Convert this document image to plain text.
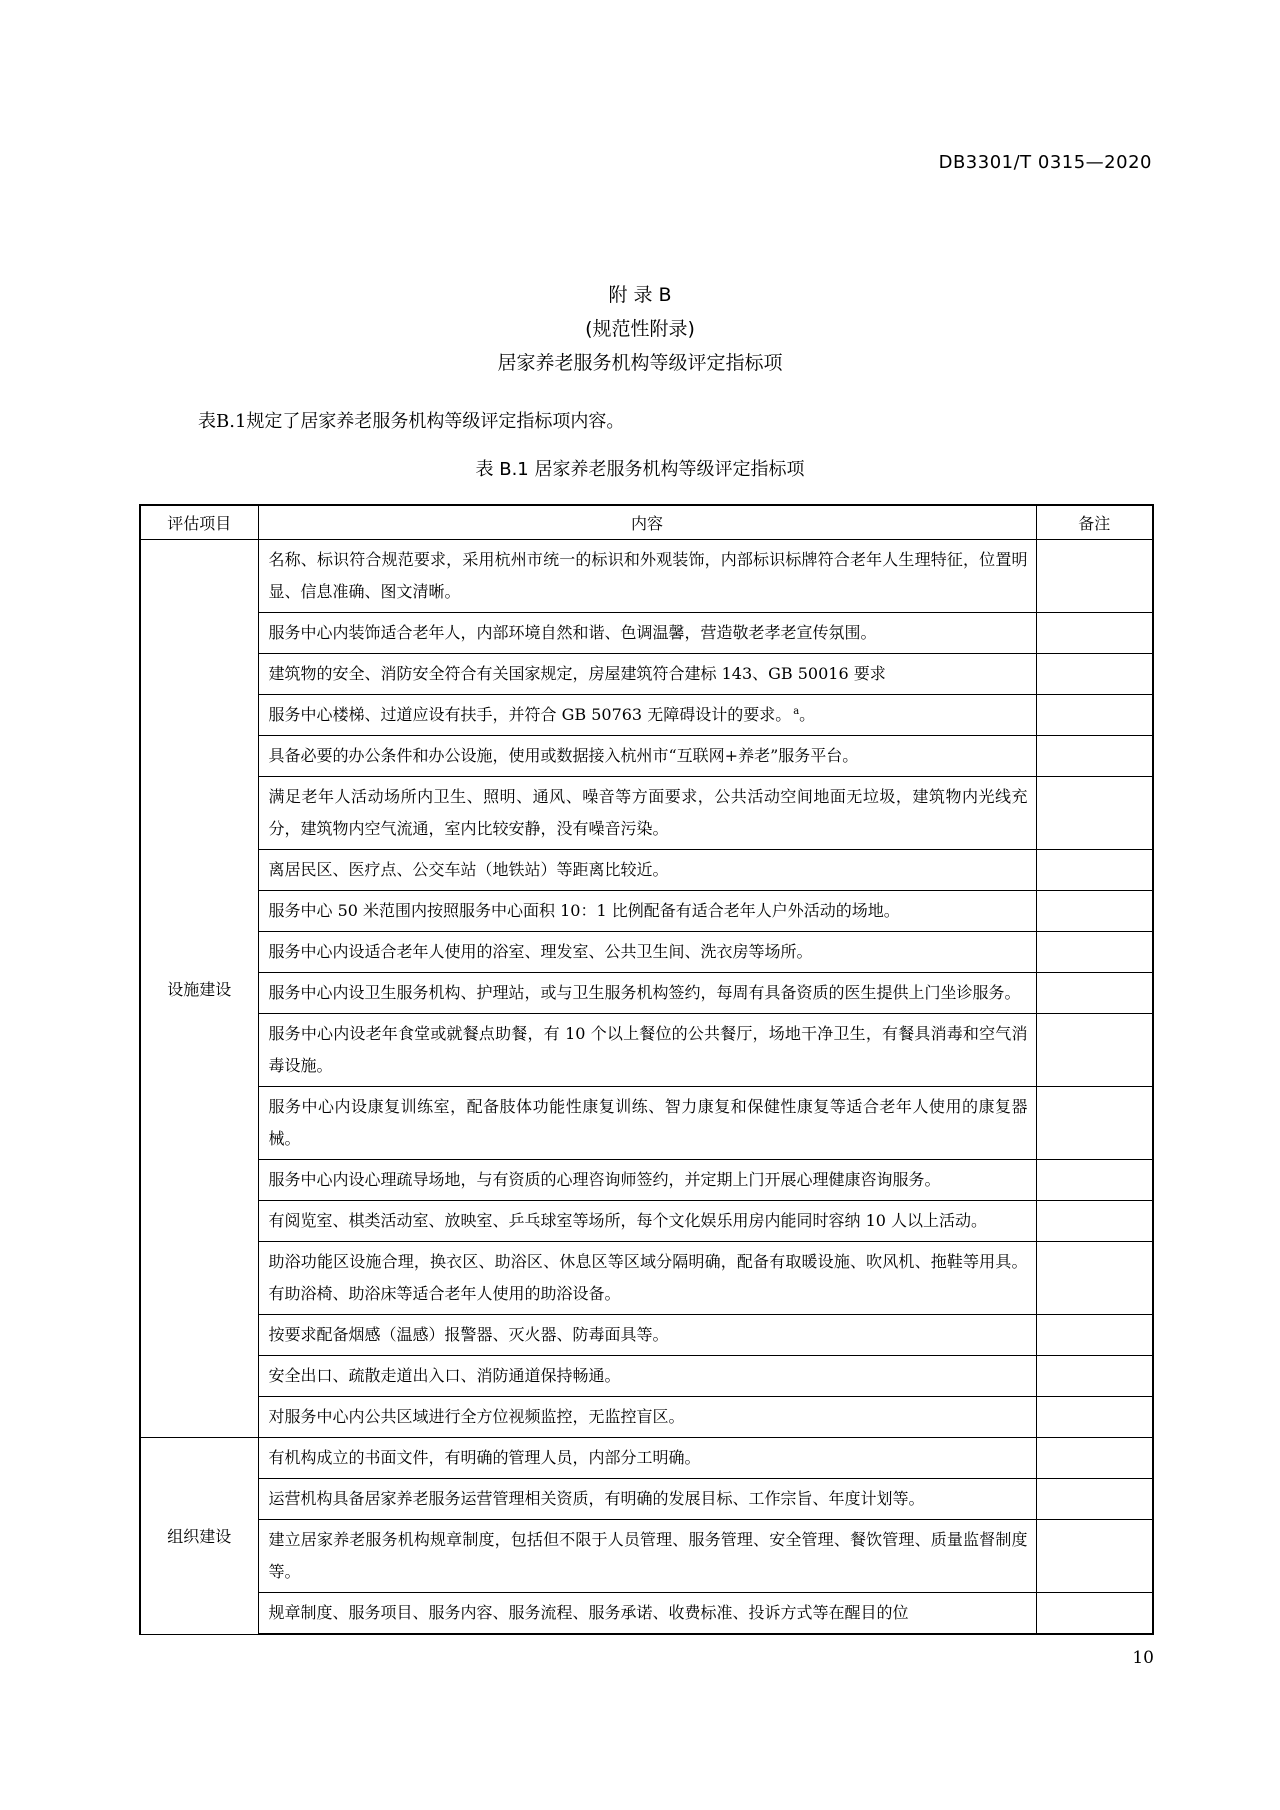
DB3301/T 0315—2020
附 录 B
(规范性附录)
居家养老服务机构等级评定指标项
表B.1规定了居家养老服务机构等级评定指标项内容。
表 B.1 居家养老服务机构等级评定指标项
评估项目	内容	备注
设施建设	名称、标识符合规范要求，采用杭州市统一的标识和外观装饰，内部标识标牌符合老年人生理特征，位置明显、信息准确、图文清晰。	
	服务中心内装饰适合老年人，内部环境自然和谐、色调温馨，营造敬老孝老宣传氛围。	
	建筑物的安全、消防安全符合有关国家规定，房屋建筑符合建标 143、GB 50016 要求	
	服务中心楼梯、过道应设有扶手，并符合 GB 50763 无障碍设计的要求。 $^a$。	
	具备必要的办公条件和办公设施，使用或数据接入杭州市“互联网+养老”服务平台。	
	满足老年人活动场所内卫生、照明、通风、噪音等方面要求，公共活动空间地面无垃圾，建筑物内光线充分，建筑物内空气流通，室内比较安静，没有噪音污染。	
	离居民区、医疗点、公交车站（地铁站）等距离比较近。	
	服务中心 50 米范围内按照服务中心面积 10：1 比例配备有适合老年人户外活动的场地。	
	服务中心内设适合老年人使用的浴室、理发室、公共卫生间、洗衣房等场所。	
	服务中心内设卫生服务机构、护理站，或与卫生服务机构签约，每周有具备资质的医生提供上门坐诊服务。	
	服务中心内设老年食堂或就餐点助餐，有 10 个以上餐位的公共餐厅，场地干净卫生，有餐具消毒和空气消毒设施。	
	服务中心内设康复训练室，配备肢体功能性康复训练、智力康复和保健性康复等适合老年人使用的康复器械。	
	服务中心内设心理疏导场地，与有资质的心理咨询师签约，并定期上门开展心理健康咨询服务。	
	有阅览室、棋类活动室、放映室、乒乓球室等场所，每个文化娱乐用房内能同时容纳 10 人以上活动。	
	助浴功能区设施合理，换衣区、助浴区、休息区等区域分隔明确，配备有取暖设施、吹风机、拖鞋等用具。有助浴椅、助浴床等适合老年人使用的助浴设备。	
	按要求配备烟感（温感）报警器、灭火器、防毒面具等。	
	安全出口、疏散走道出入口、消防通道保持畅通。	
	对服务中心内公共区域进行全方位视频监控，无监控盲区。	
组织建设	有机构成立的书面文件，有明确的管理人员，内部分工明确。	
	运营机构具备居家养老服务运营管理相关资质，有明确的发展目标、工作宗旨、年度计划等。	
	建立居家养老服务机构规章制度，包括但不限于人员管理、服务管理、安全管理、餐饮管理、质量监督制度等。	
	规章制度、服务项目、服务内容、服务流程、服务承诺、收费标准、投诉方式等在醒目的位	
10
